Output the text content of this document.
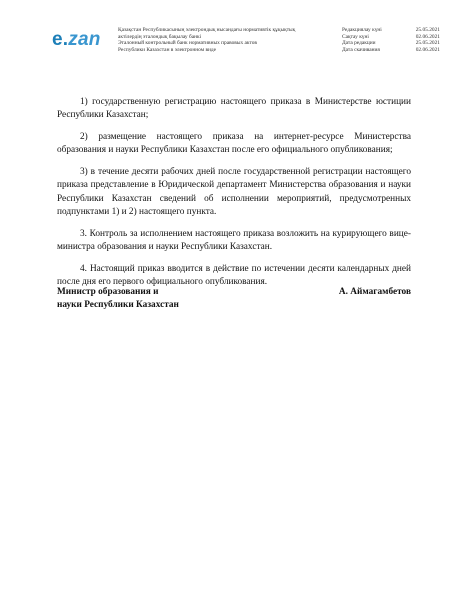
e.zan	Қазақстан Республикасының электрондық нысандағы нормативтік құқықтық
актілердің эталондық бақылау банкі
Эталонный контрольный банк нормативных правовых актов
Республики Казахстан в электронном виде
Редакциялау күні	25.05.2021
Сақтау күні	02.06.2021
Дата редакции	25.05.2021
Дата скачивания	02.06.2021

1) государственную регистрацию настоящего приказа в Министерстве юстиции Республики Казахстан;

2) размещение настоящего приказа на интернет-ресурсе Министерства образования и науки Республики Казахстан после его официального опубликования;

3) в течение десяти рабочих дней после государственной регистрации настоящего приказа представление в Юридической департамент Министерства образования и науки Республики Казахстан сведений об исполнении мероприятий, предусмотренных подпунктами 1) и 2) настоящего пункта.

3. Контроль за исполнением настоящего приказа возложить на курирующего вице-министра образования и науки Республики Казахстан.

4. Настоящий приказ вводится в действие по истечении десяти календарных дней после дня его первого официального опубликования.

Министр образования и
науки Республики Казахстан
А. Аймагамбетов
